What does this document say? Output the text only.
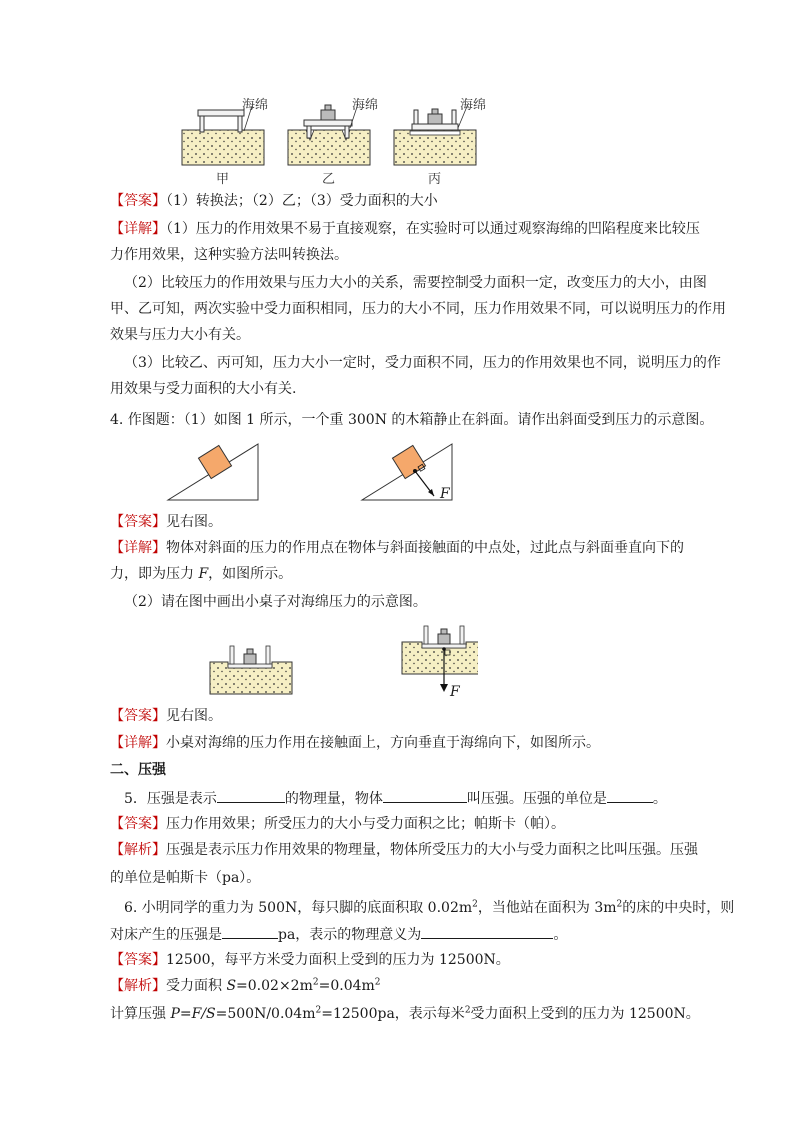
海绵	海绵	海绵
甲	乙	丙
【答案】（1）转换法；（2）乙；（3）受力面积的大小
【详解】（1）压力的作用效果不易于直接观察，在实验时可以通过观察海绵的凹陷程度来比较压
力作用效果，这种实验方法叫转换法。
（2）比较压力的作用效果与压力大小的关系，需要控制受力面积一定，改变压力的大小，由图
甲、乙可知，两次实验中受力面积相同，压力的大小不同，压力作用效果不同，可以说明压力的作用
效果与压力大小有关。
（3）比较乙、丙可知，压力大小一定时，受力面积不同，压力的作用效果也不同，说明压力的作
用效果与受力面积的大小有关.
4. 作图题：（1）如图 1 所示，一个重 300N 的木箱静止在斜面。请作出斜面受到压力的示意图。
F
【答案】见右图。
【详解】物体对斜面的压力的作用点在物体与斜面接触面的中点处，过此点与斜面垂直向下的
力，即为压力 F，如图所示。
（2）请在图中画出小桌子对海绵压力的示意图。
F
【答案】见右图。
【详解】小桌对海绵的压力作用在接触面上，方向垂直于海绵向下，如图所示。
二、压强
5．压强是表示	的物理量，物体	叫压强。压强的单位是	。
【答案】压力作用效果；所受压力的大小与受力面积之比；帕斯卡（帕）。
【解析】压强是表示压力作用效果的物理量，物体所受压力的大小与受力面积之比叫压强。压强
的单位是帕斯卡（pa）。
6. 小明同学的重力为 500N，每只脚的底面积取 $0.02m^2$，当他站在面积为 $3m^2$的床的中央时，则
对床产生的压强是	pa，表示的物理意义为	。
【答案】12500，每平方米受力面积上受到的压力为 12500N。
【解析】受力面积 $S=0.02\times 2m^2=0.04m^2$
计算压强 $P=F/S=500N/0.04m^2=12500pa$，表示每米$^2$受力面积上受到的压力为 12500N。
